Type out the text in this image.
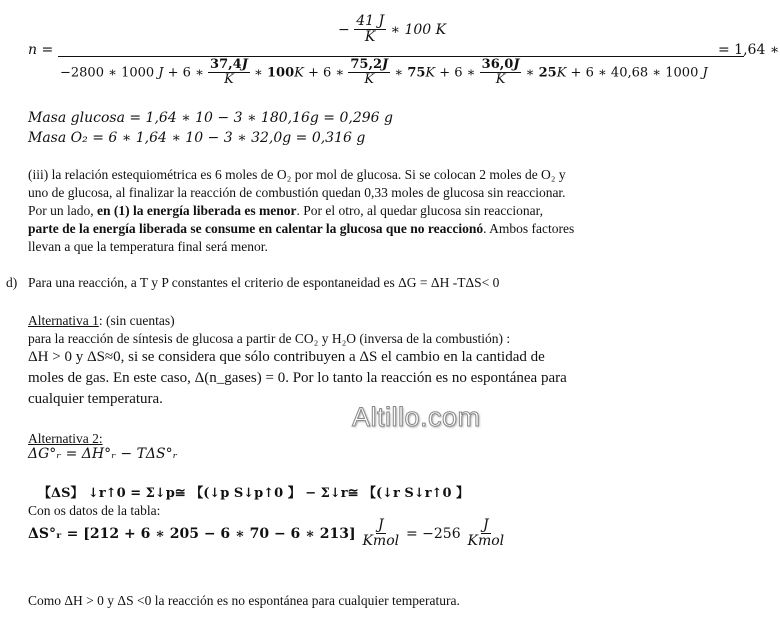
n =
− $\frac{41 J}{K}$ ∗ 100 K
−2800 ∗ 1000 J + 6 ∗ $\frac{37,4J}{K}$ ∗ 100K + 6 ∗ $\frac{75,2J}{K}$ ∗ 75K + 6 ∗ $\frac{36,0J}{K}$ ∗ 25K + 6 ∗ 40,68 ∗ 1000 J
= 1,64 ∗
Masa glucosa = 1,64 ∗ 10 − 3 ∗ 180,16g = 0,296 g
Masa O₂ = 6 ∗ 1,64 ∗ 10 − 3 ∗ 32,0g = 0,316 g
(iii) la relación estequiométrica es 6 moles de O₂ por mol de glucosa. Si se colocan 2 moles de O₂ y
uno de glucosa, al finalizar la reacción de combustión quedan 0,33 moles de glucosa sin reaccionar.
Por un lado, en (1) la energía liberada es menor. Por el otro, al quedar glucosa sin reaccionar,
parte de la energía liberada se consume en calentar la glucosa que no reaccionó. Ambos factores
llevan a que la temperatura final será menor.
d) Para una reacción, a T y P constantes el criterio de espontaneidad es ΔG = ΔH -TΔS< 0
Alternativa 1: (sin cuentas)
para la reacción de síntesis de glucosa a partir de CO₂ y H₂O (inversa de la combustión) :
ΔH > 0 y ΔS≈0, si se considera que sólo contribuyen a ΔS el cambio en la cantidad de
moles de gas. En este caso, Δ(n_gases) = 0. Por lo tanto la reacción es no espontánea para
cualquier temperatura.
Altillo.com
Alternativa 2:
ΔG°ᵣ = ΔH°ᵣ − TΔS°ᵣ
【ΔS】 ↓r↑0 = Σ↓p≅ 【(↓p S↓p↑0 】 − Σ↓r≅ 【(↓r S↓r↑0 】
Con os datos de la tabla:
ΔS°ᵣ = [212 + 6 ∗ 205 − 6 ∗ 70 − 6 ∗ $213] \frac{J}{\text{Kmol}} = -256 \frac{J}{\text{Kmol}}$
Como ΔH > 0 y ΔS <0 la reacción es no espontánea para cualquier temperatura.
